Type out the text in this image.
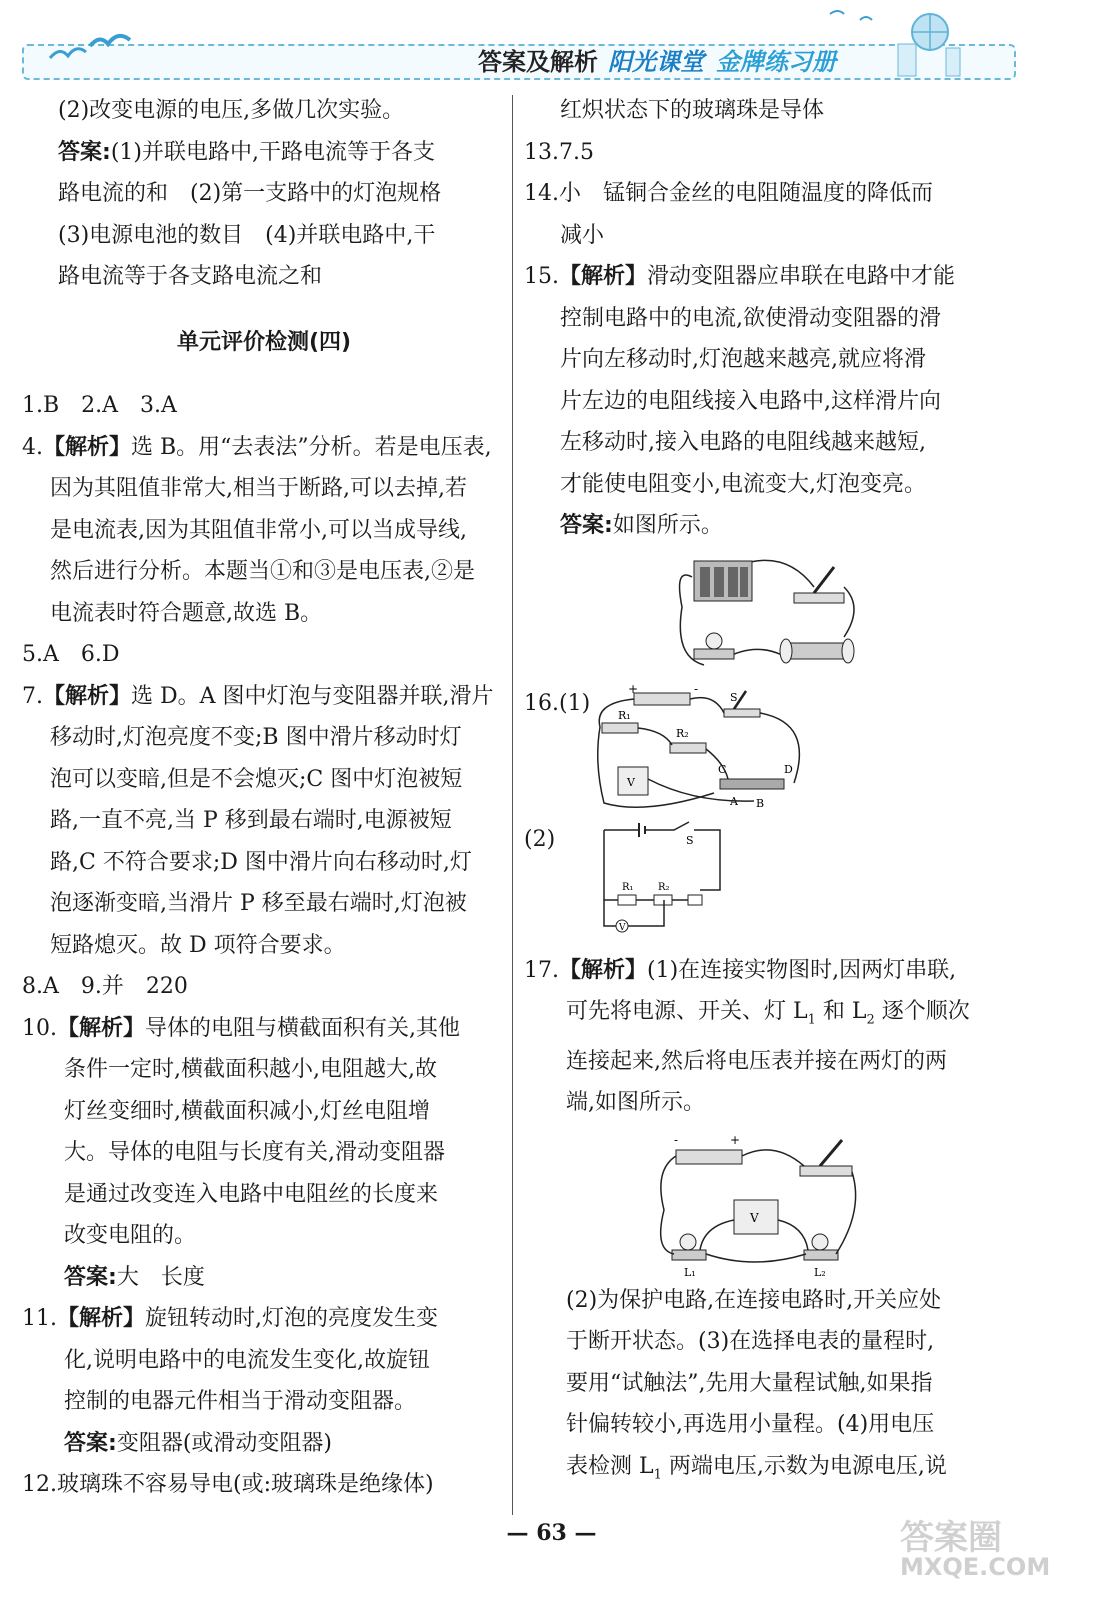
答案及解析 阳光课堂 金牌练习册
(2)改变电源的电压,多做几次实验。
答案:(1)并联电路中,干路电流等于各支
路电流的和　(2)第一支路中的灯泡规格
(3)电源电池的数目　(4)并联电路中,干
路电流等于各支路电流之和
单元评价检测(四)
1.B　2.A　3.A
4.【解析】选 B。用“去表法”分析。若是电压表,
因为其阻值非常大,相当于断路,可以去掉,若
是电流表,因为其阻值非常小,可以当成导线,
然后进行分析。本题当①和③是电压表,②是
电流表时符合题意,故选 B。
5.A　6.D
7.【解析】选 D。A 图中灯泡与变阻器并联,滑片
移动时,灯泡亮度不变;B 图中滑片移动时灯
泡可以变暗,但是不会熄灭;C 图中灯泡被短
路,一直不亮,当 P 移到最右端时,电源被短
路,C 不符合要求;D 图中滑片向右移动时,灯
泡逐渐变暗,当滑片 P 移至最右端时,灯泡被
短路熄灭。故 D 项符合要求。
8.A　9.并　220
10.【解析】导体的电阻与横截面积有关,其他
条件一定时,横截面积越小,电阻越大,故
灯丝变细时,横截面积减小,灯丝电阻增
大。导体的电阻与长度有关,滑动变阻器
是通过改变连入电路中电阻丝的长度来
改变电阻的。
答案:大　长度
11.【解析】旋钮转动时,灯泡的亮度发生变
化,说明电路中的电流发生变化,故旋钮
控制的电器元件相当于滑动变阻器。
答案:变阻器(或滑动变阻器)
12.玻璃珠不容易导电(或:玻璃珠是绝缘体)
红炽状态下的玻璃珠是导体
13.7.5
14.小　锰铜合金丝的电阻随温度的降低而
减小
15.【解析】滑动变阻器应串联在电路中才能
控制电路中的电流,欲使滑动变阻器的滑
片向左移动时,灯泡越来越亮,就应将滑
片左边的电阻线接入电路中,这样滑片向
左移动时,接入电路的电阻线越来越短,
才能使电阻变小,电流变大,灯泡变亮。
答案:如图所示。
16.(1)
+	-
S
R₁
R₂
V
C	D
A B
(2)	S
R₁ R₂
V
17.【解析】(1)在连接实物图时,因两灯串联,
可先将电源、开关、灯 $L_1$ 和 $L_2$ 逐个顺次
连接起来,然后将电压表并接在两灯的两
端,如图所示。
-	+
V
L₁	L₂
(2)为保护电路,在连接电路时,开关应处
于断开状态。(3)在选择电表的量程时,
要用“试触法”,先用大量程试触,如果指
针偏转较小,再选用小量程。(4)用电压
表检测 $L_1$ 两端电压,示数为电源电压,说
— 63 —	答案圈
MXQE.COM
